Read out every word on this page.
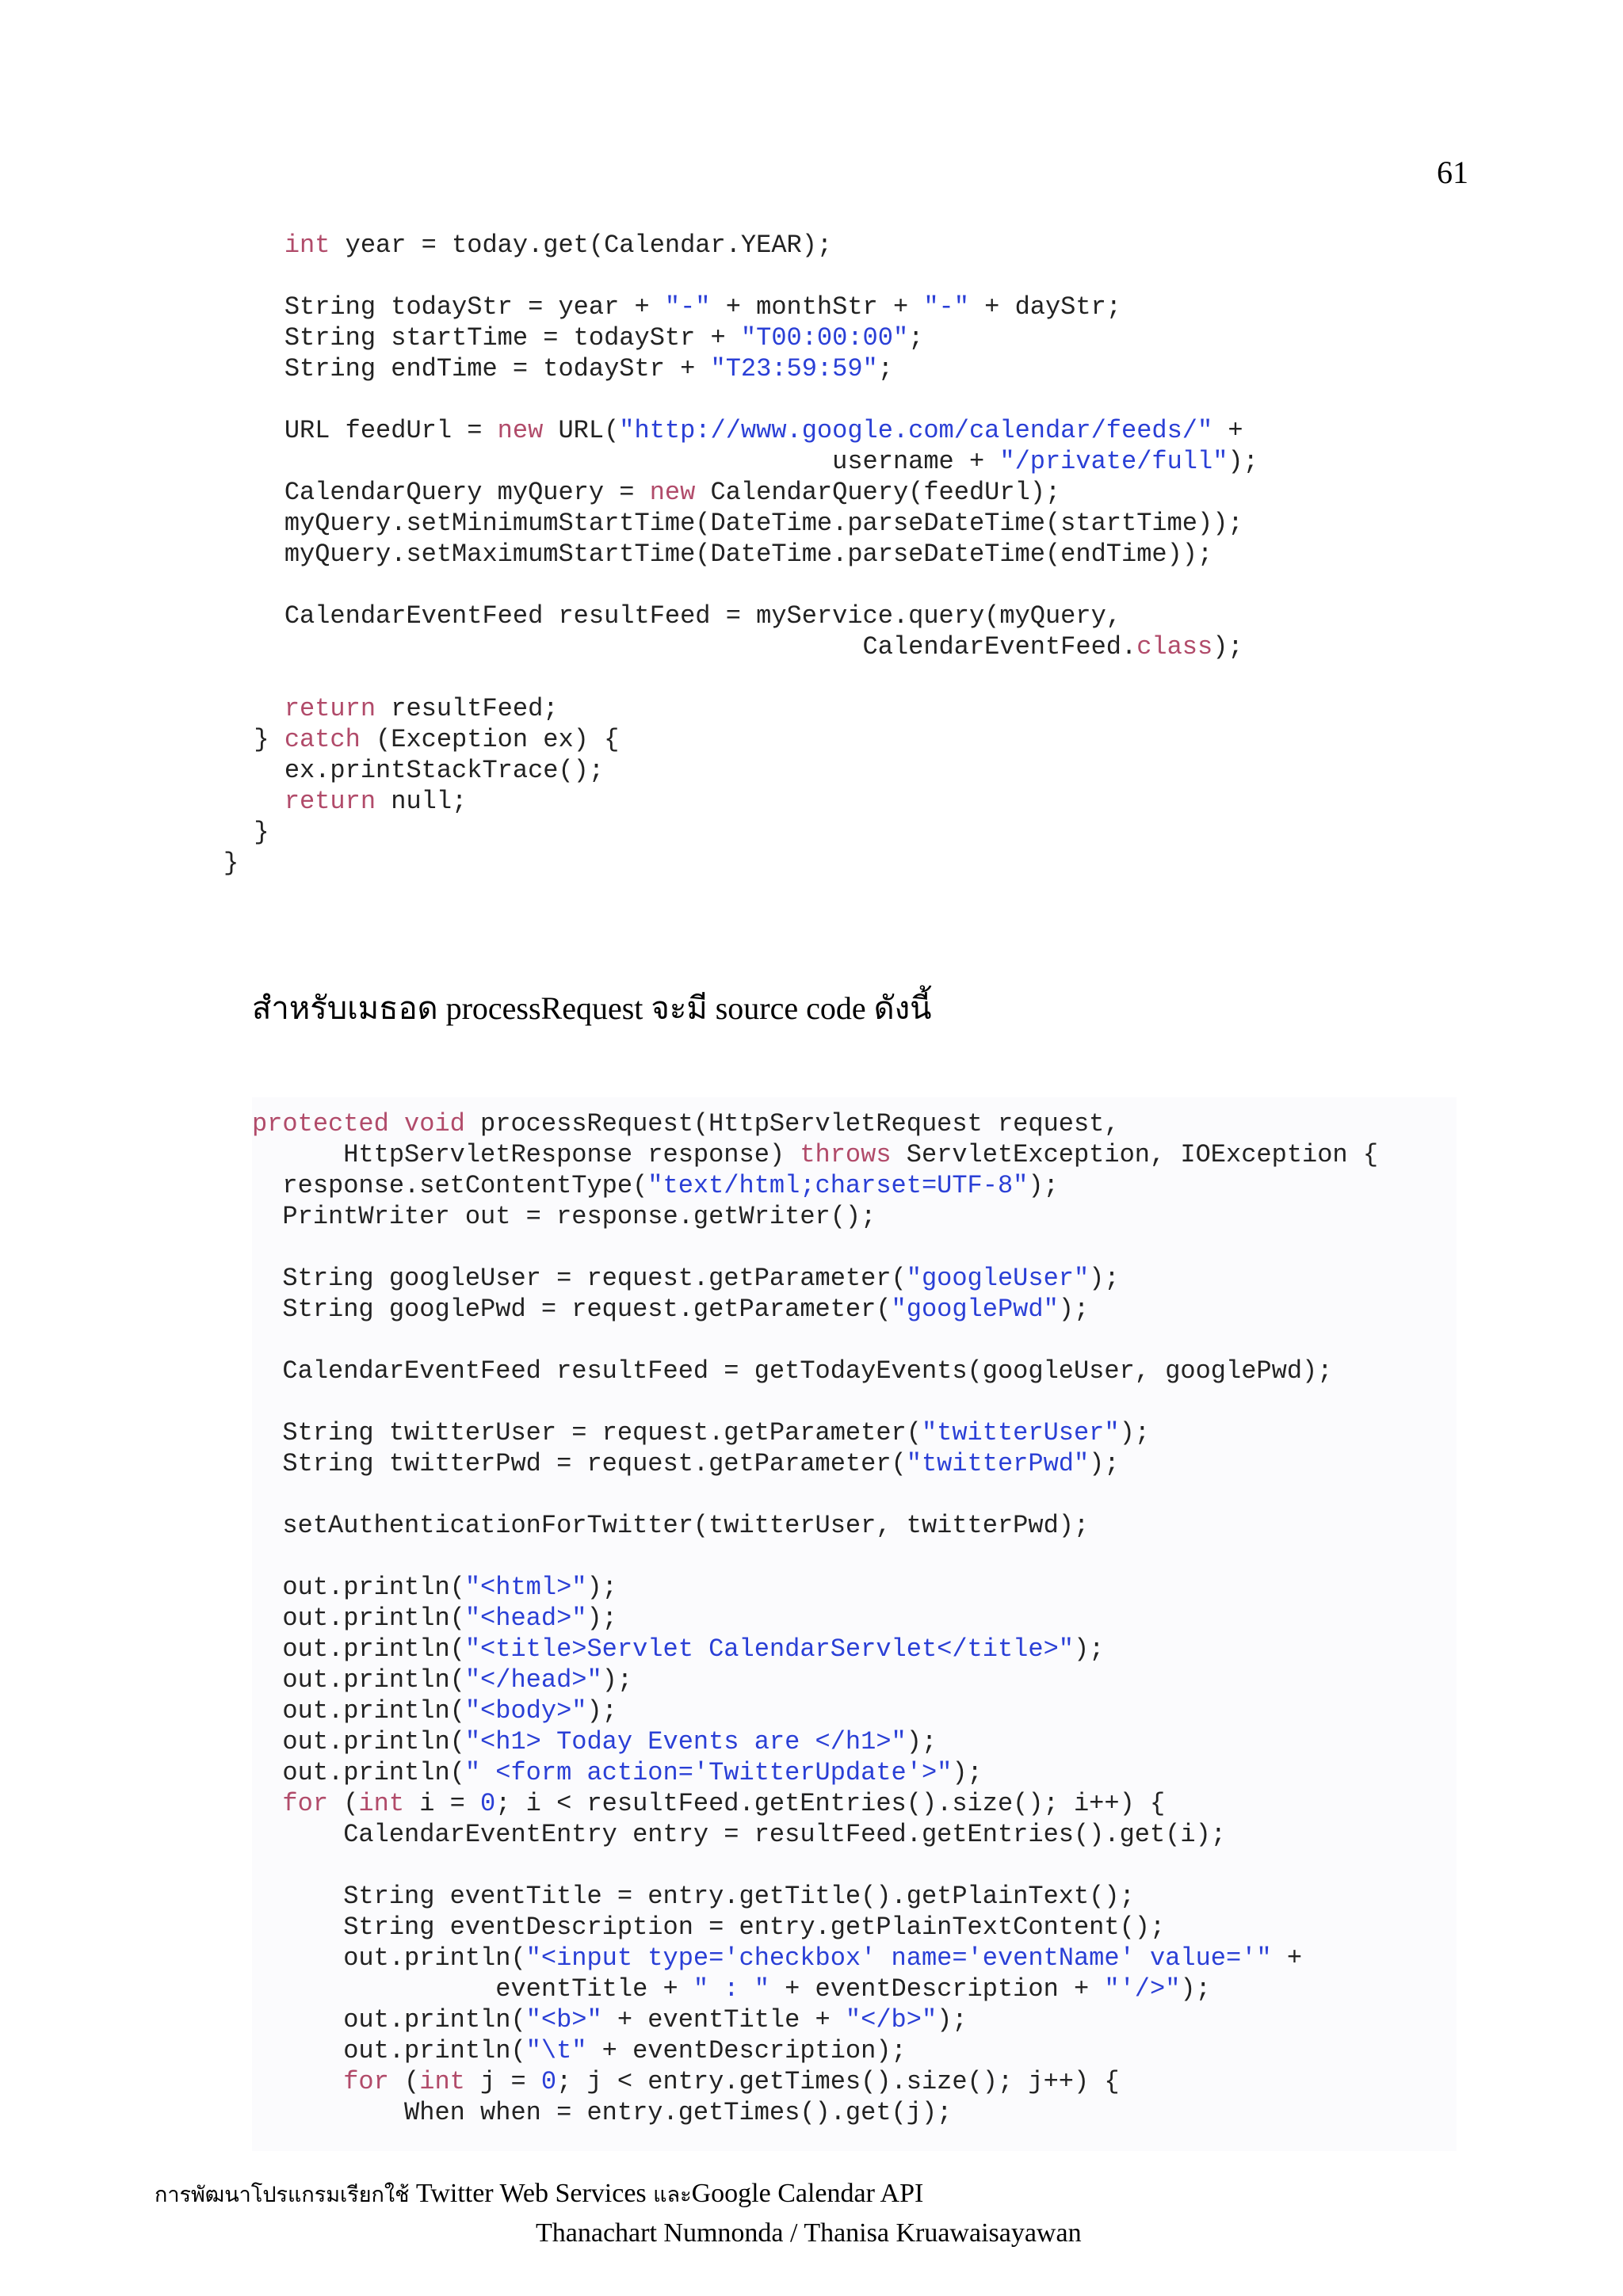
61
int year = today.get(Calendar.YEAR);

String todayStr = year + "-" + monthStr + "-" + dayStr;
String startTime = todayStr + "T00:00:00";
String endTime = todayStr + "T23:59:59";

URL feedUrl = new URL("http://www.google.com/calendar/feeds/" +
username + "/private/full");
CalendarQuery myQuery = new CalendarQuery(feedUrl);
myQuery.setMinimumStartTime(DateTime.parseDateTime(startTime));
myQuery.setMaximumStartTime(DateTime.parseDateTime(endTime));

CalendarEventFeed resultFeed = myService.query(myQuery,
CalendarEventFeed.class);

return resultFeed;
} catch (Exception ex) {
ex.printStackTrace();
return null;
}
}
สำหรับเมธอด processRequest จะมี source code ดังนี้
protected void processRequest(HttpServletRequest request,
HttpServletResponse response) throws ServletException, IOException {
response.setContentType("text/html;charset=UTF-8");
PrintWriter out = response.getWriter();

String googleUser = request.getParameter("googleUser");
String googlePwd = request.getParameter("googlePwd");

CalendarEventFeed resultFeed = getTodayEvents(googleUser, googlePwd);

String twitterUser = request.getParameter("twitterUser");
String twitterPwd = request.getParameter("twitterPwd");

setAuthenticationForTwitter(twitterUser, twitterPwd);

out.println("<html>");
out.println("<head>");
out.println("<title>Servlet CalendarServlet</title>");
out.println("</head>");
out.println("<body>");
out.println("<h1> Today Events are </h1>");
out.println(" <form action='TwitterUpdate'>");
for (int i = 0; i < resultFeed.getEntries().size(); i++) {
CalendarEventEntry entry = resultFeed.getEntries().get(i);

String eventTitle = entry.getTitle().getPlainText();
String eventDescription = entry.getPlainTextContent();
out.println("<input type='checkbox' name='eventName' value='" +
eventTitle + " : " + eventDescription + "'/>");
out.println("<b>" + eventTitle + "</b>");
out.println("\t" + eventDescription);
for (int j = 0; j < entry.getTimes().size(); j++) {
When when = entry.getTimes().get(j);
การพัฒนาโปรแกรมเรียกใช้ Twitter Web Services และGoogle Calendar API
Thanachart Numnonda / Thanisa Kruawaisayawan
